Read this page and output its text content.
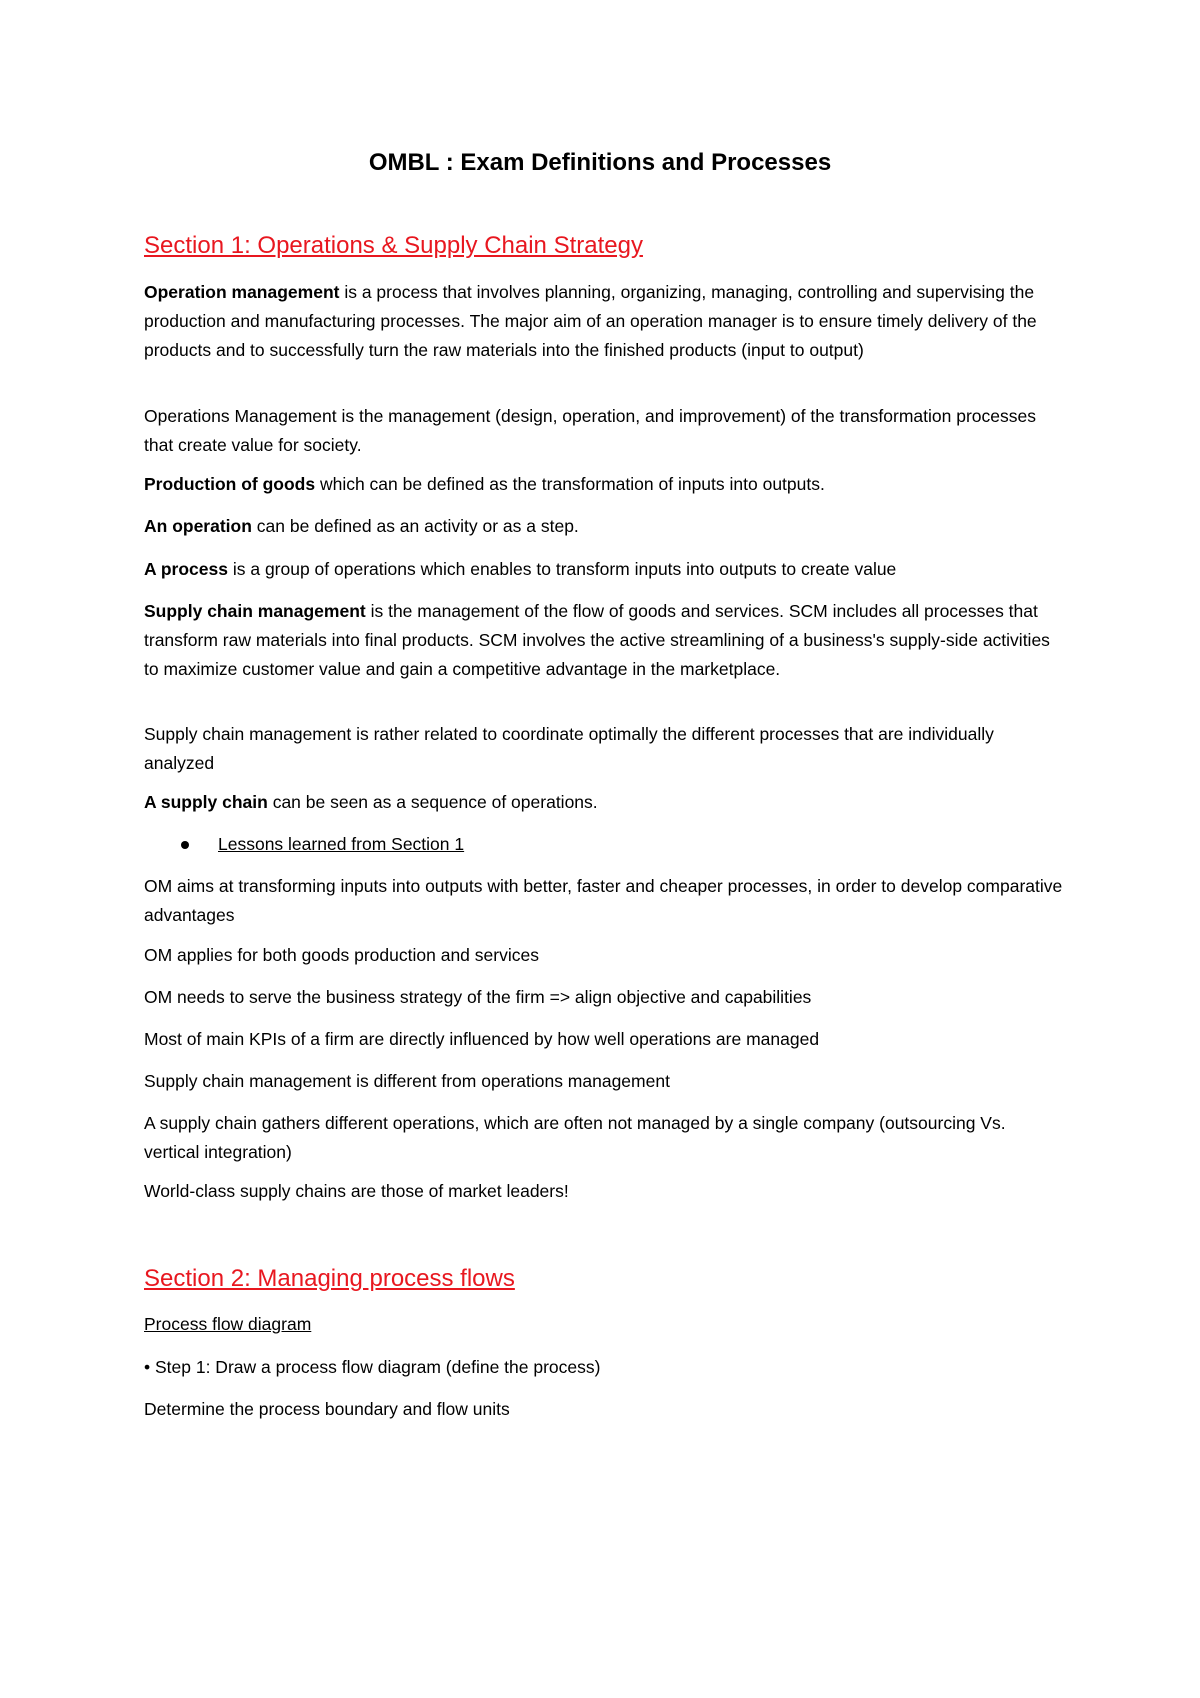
OMBL : Exam Definitions and Processes
Section 1: Operations & Supply Chain Strategy
Operation management is a process that involves planning, organizing, managing, controlling and supervising the production and manufacturing processes. The major aim of an operation manager is to ensure timely delivery of the products and to successfully turn the raw materials into the finished products (input to output)
Operations Management is the management (design, operation, and improvement) of the transformation processes that create value for society.
Production of goods which can be defined as the transformation of inputs into outputs.
An operation can be defined as an activity or as a step.
A process is a group of operations which enables to transform inputs into outputs to create value
Supply chain management is the management of the flow of goods and services. SCM includes all processes that transform raw materials into final products. SCM involves the active streamlining of a business's supply-side activities to maximize customer value and gain a competitive advantage in the marketplace.
Supply chain management is rather related to coordinate optimally the different processes that are individually analyzed
A supply chain can be seen as a sequence of operations.
Lessons learned from Section 1
OM aims at transforming inputs into outputs with better, faster and cheaper processes, in order to develop comparative advantages
OM applies for both goods production and services
OM needs to serve the business strategy of the firm => align objective and capabilities
Most of main KPIs of a firm are directly influenced by how well operations are managed
Supply chain management is different from operations management
A supply chain gathers different operations, which are often not managed by a single company (outsourcing Vs. vertical integration)
World-class supply chains are those of market leaders!
Section 2: Managing process flows
Process flow diagram
• Step 1: Draw a process flow diagram (define the process)
Determine the process boundary and flow units
